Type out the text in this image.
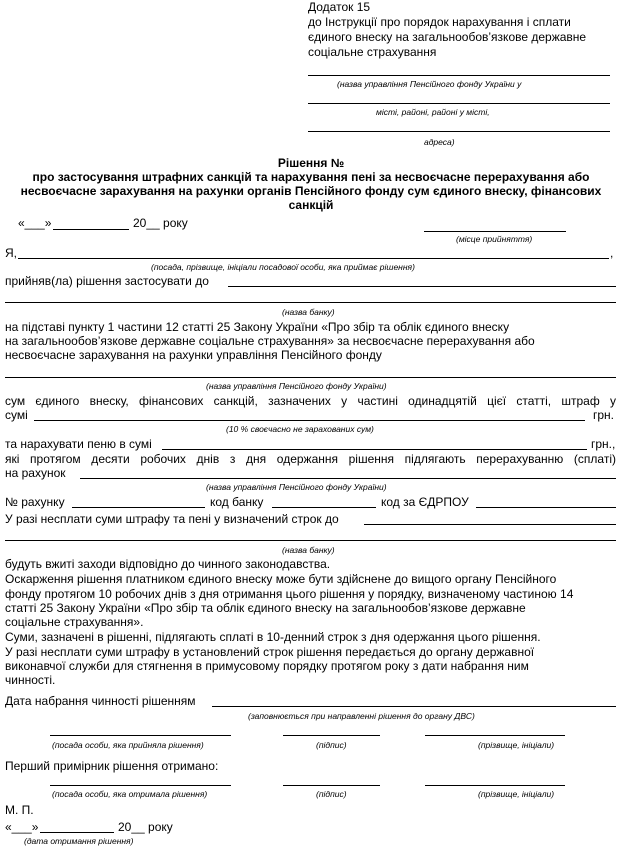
Додаток 15
до Інструкції про порядок нарахування і сплати
єдиного внеску на загальнообов’язкове державне
соціальне страхування
(назва управління Пенсійного фонду України у
місті, районі, районі у місті,
адреса)
Рішення №
про застосування штрафних санкцій та нарахування пені за несвоєчасне перерахування або
несвоєчасне зарахування на рахунки органів Пенсійного фонду сум єдиного внеску, фінансових
санкцій
«___»	20__ року
(місце прийняття)
Я,	,
(посада, прізвище, ініціали посадової особи, яка приймає рішення)
прийняв(ла) рішення застосувати до
(назва банку)
на підставі пункту 1 частини 12 статті 25 Закону України «Про збір та облік єдиного внеску
на загальнообов’язкове державне соціальне страхування» за несвоєчасне перерахування або
несвоєчасне зарахування на рахунки управління Пенсійного фонду
(назва управління Пенсійного фонду України)
сум єдиного внеску, фінансових санкцій, зазначених у частині одинадцятій цієї статті, штраф у
сумі	грн.
(10 % своєчасно не зарахованих сум)
та нарахувати пеню в сумі	грн.,
які протягом десяти робочих днів з дня одержання рішення підлягають перерахуванню (сплаті)
на рахунок
(назва управління Пенсійного фонду України)
№ рахунку	код банку	код за ЄДРПОУ
У разі несплати суми штрафу та пені у визначений строк до
(назва банку)
будуть вжиті заходи відповідно до чинного законодавства.
Оскарження рішення платником єдиного внеску може бути здійснене до вищого органу Пенсійного
фонду протягом 10 робочих днів з дня отримання цього рішення у порядку, визначеному частиною 14
статті 25 Закону України «Про збір та облік єдиного внеску на загальнообов’язкове державне
соціальне страхування».
Суми, зазначені в рішенні, підлягають сплаті в 10-денний строк з дня одержання цього рішення.
У разі несплати суми штрафу в установлений строк рішення передається до органу державної
виконавчої служби для стягнення в примусовому порядку протягом року з дати набрання ним
чинності.
Дата набрання чинності рішенням
(заповнюється при направленні рішення до органу ДВС)
(посада особи, яка прийняла рішення)	(підпис)	(прізвище, ініціали)
Перший примірник рішення отримано:
(посада особи, яка отримала рішення)	(підпис)	(прізвище, ініціали)
М. П.
«___»	20__ року
(дата отримання рішення)
